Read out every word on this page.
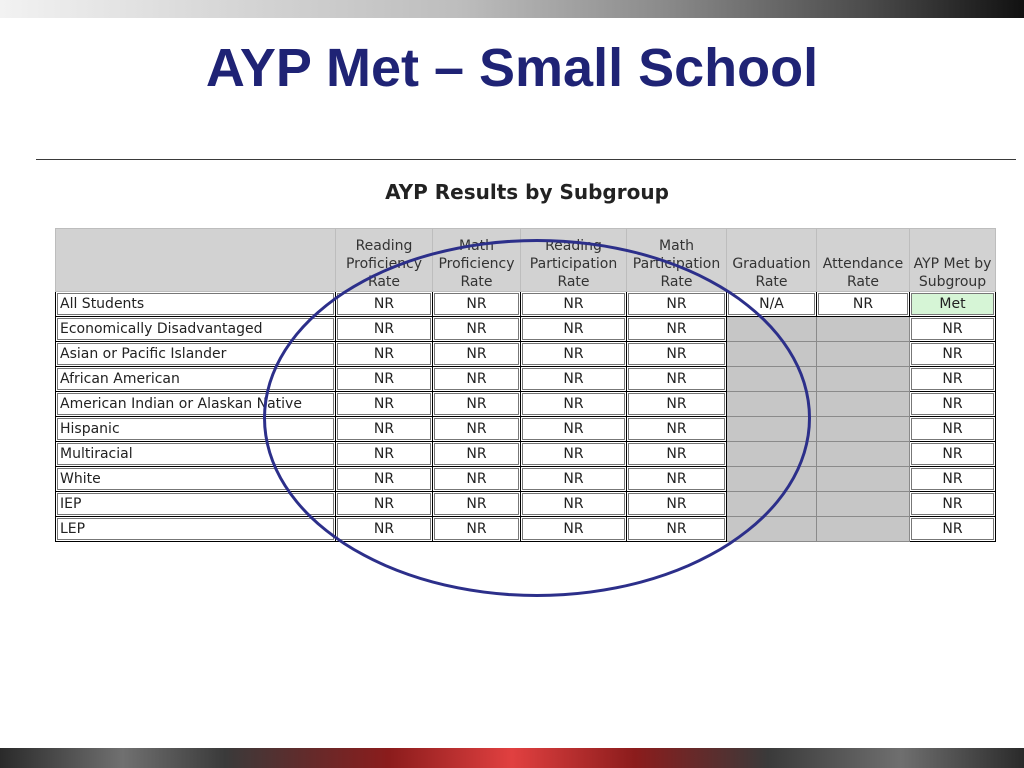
AYP Met – Small School
AYP Results by Subgroup
	Reading Proficiency Rate	Math Proficiency Rate	Reading Participation Rate	Math Participation Rate	Graduation Rate	Attendance Rate	AYP Met by Subgroup
All Students	NR	NR	NR	NR	N/A	NR	Met
Economically Disadvantaged	NR	NR	NR	NR			NR
Asian or Pacific Islander	NR	NR	NR	NR			NR
African American	NR	NR	NR	NR			NR
American Indian or Alaskan Native	NR	NR	NR	NR			NR
Hispanic	NR	NR	NR	NR			NR
Multiracial	NR	NR	NR	NR			NR
White	NR	NR	NR	NR			NR
IEP	NR	NR	NR	NR			NR
LEP	NR	NR	NR	NR			NR
